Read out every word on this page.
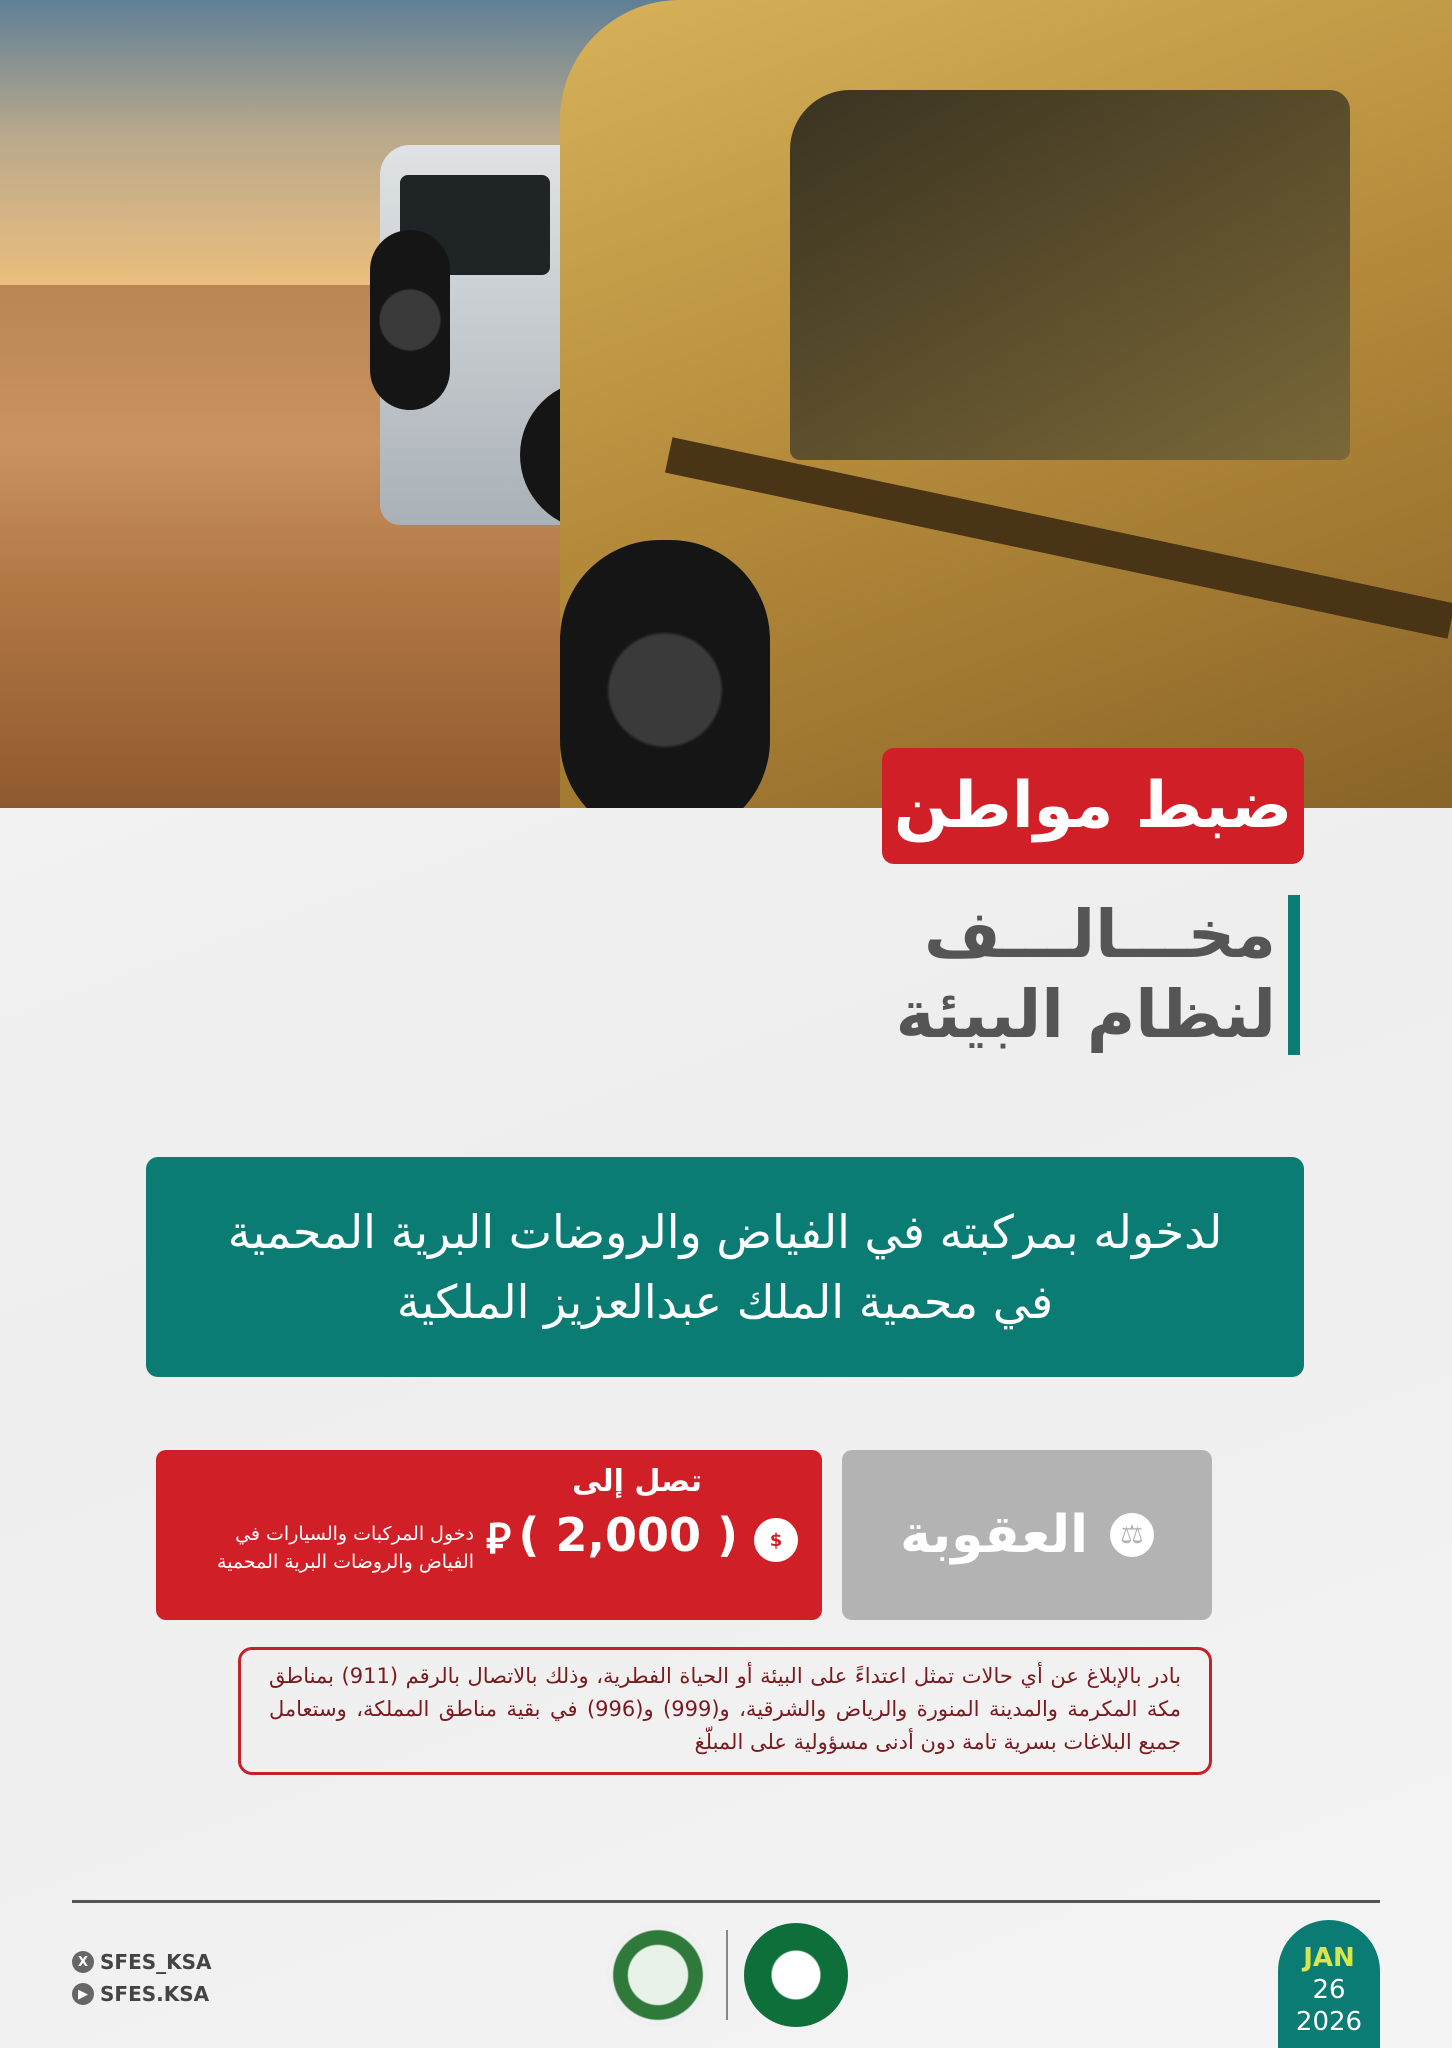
ضبط مواطن
مخـــالـــف
لنظام البيئة
لدخوله بمركبته في الفياض والروضات البرية المحمية
في محمية الملك عبدالعزيز الملكية
⚖
العقوبة
تصل إلى
$
( 2,000 )
⃁
دخول المركبات والسيارات في الفياض والروضات البرية المحمية
بادر بالإبلاغ عن أي حالات تمثل اعتداءً على البيئة أو الحياة الفطرية، وذلك بالاتصال بالرقم (911) بمناطق مكة المكرمة والمدينة المنورة والرياض والشرقية، و(999) و(996) في بقية مناطق المملكة، وستعامل جميع البلاغات بسرية تامة دون أدنى مسؤولية على المبلّغ
X SFES_KSA
▶ SFES.KSA
JAN
26
2026
